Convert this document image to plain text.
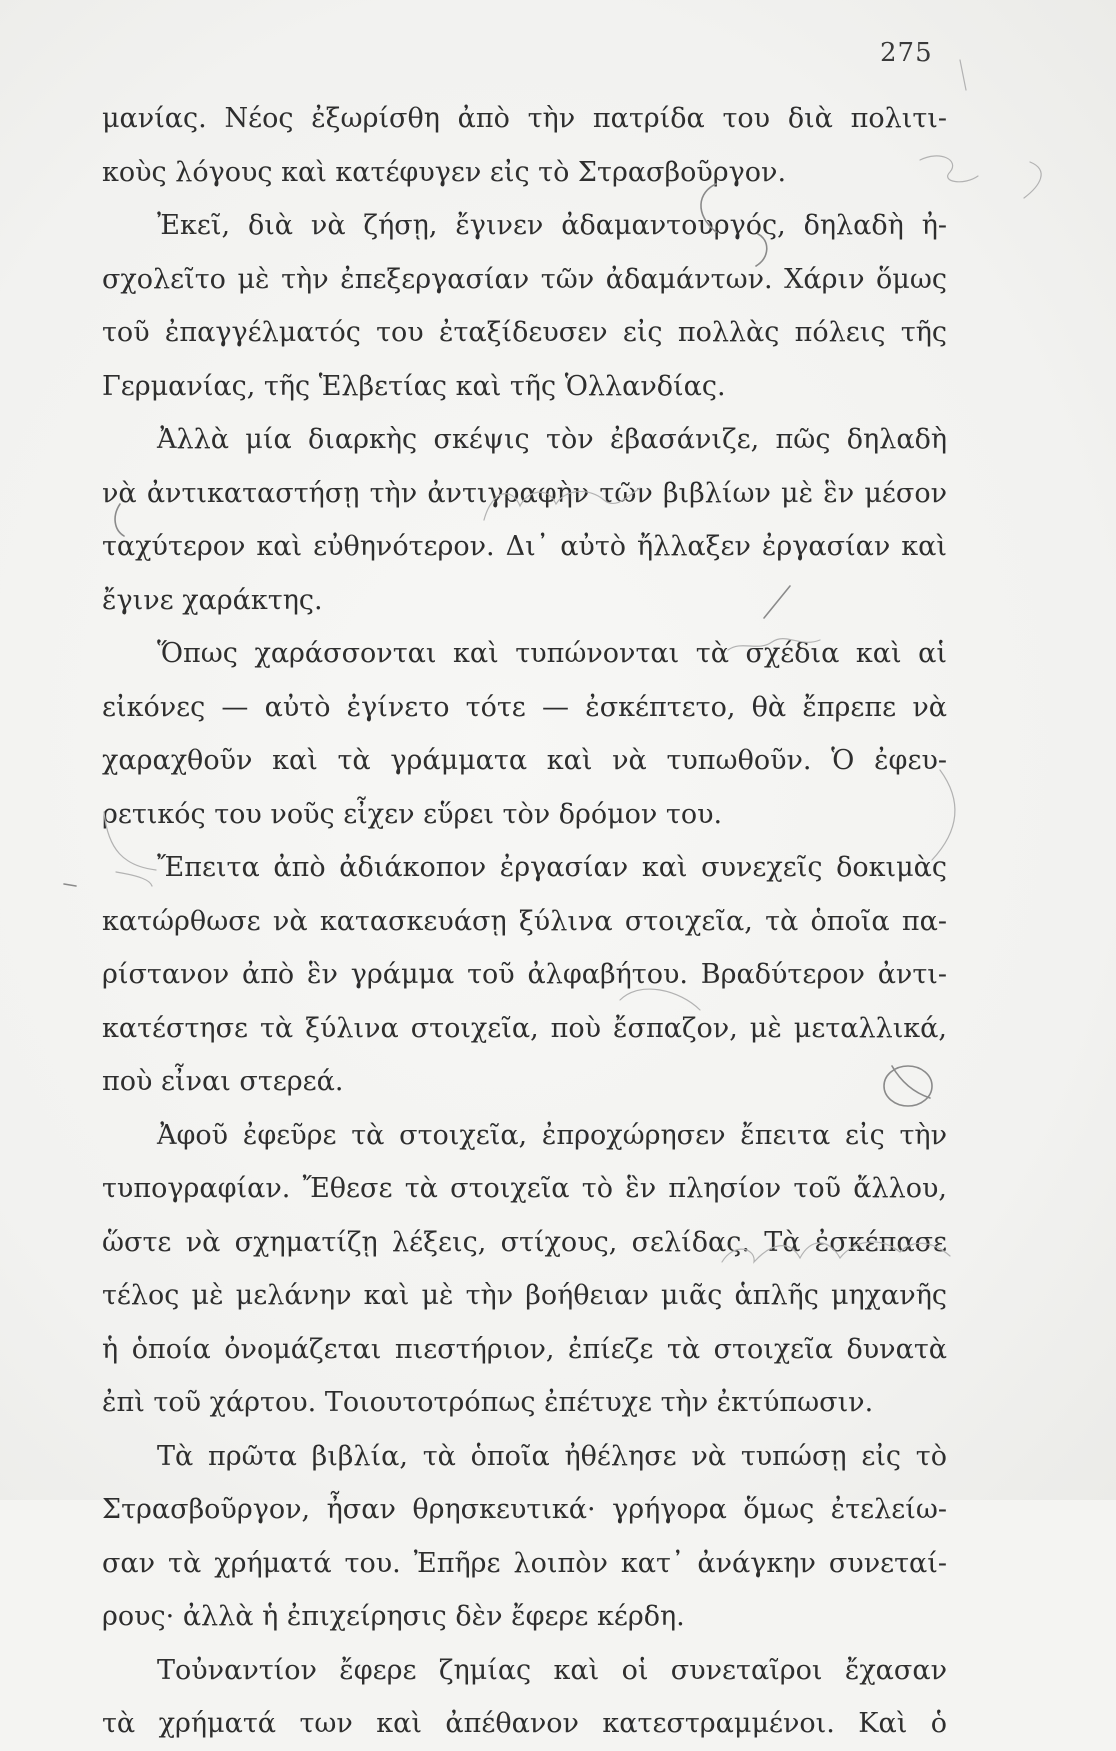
275
μανίας. Νέος ἐξωρίσθη ἀπὸ τὴν πατρίδα του διὰ πολιτι-
κοὺς λόγους καὶ κατέφυγεν εἰς τὸ Στρασβοῦργον.
Ἐκεῖ, διὰ νὰ ζήσῃ, ἔγινεν ἀδαμαντουργός, δηλαδὴ ἠ-
σχολεῖτο μὲ τὴν ἐπεξεργασίαν τῶν ἀδαμάντων. Χάριν ὅμως
τοῦ ἐπαγγέλματός του ἐταξίδευσεν εἰς πολλὰς πόλεις τῆς
Γερμανίας, τῆς Ἑλβετίας καὶ τῆς Ὁλλανδίας.
Ἀλλὰ μία διαρκὴς σκέψις τὸν ἐβασάνιζε, πῶς δηλαδὴ
νὰ ἀντικαταστήσῃ τὴν ἀντιγραφὴν τῶν βιβλίων μὲ ἓν μέσον
ταχύτερον καὶ εὐθηνότερον. Δι᾿ αὐτὸ ἤλλαξεν ἐργασίαν καὶ
ἔγινε χαράκτης.
Ὅπως χαράσσονται καὶ τυπώνονται τὰ σχέδια καὶ αἱ
εἰκόνες — αὐτὸ ἐγίνετο τότε — ἐσκέπτετο, θὰ ἔπρεπε νὰ
χαραχθοῦν καὶ τὰ γράμματα καὶ νὰ τυπωθοῦν. Ὁ ἐφευ-
ρετικός του νοῦς εἶχεν εὕρει τὸν δρόμον του.
Ἔπειτα ἀπὸ ἀδιάκοπον ἐργασίαν καὶ συνεχεῖς δοκιμὰς
κατώρθωσε νὰ κατασκευάσῃ ξύλινα στοιχεῖα, τὰ ὁποῖα πα-
ρίστανον ἀπὸ ἓν γράμμα τοῦ ἀλφαβήτου. Βραδύτερον ἀντι-
κατέστησε τὰ ξύλινα στοιχεῖα, ποὺ ἔσπαζον, μὲ μεταλλικά,
ποὺ εἶναι στερεά.
Ἀφοῦ ἐφεῦρε τὰ στοιχεῖα, ἐπροχώρησεν ἔπειτα εἰς τὴν
τυπογραφίαν. Ἔθεσε τὰ στοιχεῖα τὸ ἓν πλησίον τοῦ ἄλλου,
ὥστε νὰ σχηματίζῃ λέξεις, στίχους, σελίδας. Τὰ ἐσκέπασε
τέλος μὲ μελάνην καὶ μὲ τὴν βοήθειαν μιᾶς ἁπλῆς μηχανῆς
ἡ ὁποία ὀνομάζεται πιεστήριον, ἐπίεζε τὰ στοιχεῖα δυνατὰ
ἐπὶ τοῦ χάρτου. Τοιουτοτρόπως ἐπέτυχε τὴν ἐκτύπωσιν.
Τὰ πρῶτα βιβλία, τὰ ὁποῖα ἠθέλησε νὰ τυπώσῃ εἰς τὸ
Στρασβοῦργον, ἦσαν θρησκευτικά· γρήγορα ὅμως ἐτελείω-
σαν τὰ χρήματά του. Ἐπῆρε λοιπὸν κατ᾿ ἀνάγκην συνεταί-
ρους· ἀλλὰ ἡ ἐπιχείρησις δὲν ἔφερε κέρδη.
Τοὐναντίον ἔφερε ζημίας καὶ οἱ συνεταῖροι ἔχασαν
τὰ χρήματά των καὶ ἀπέθανον κατεστραμμένοι. Καὶ ὁ
